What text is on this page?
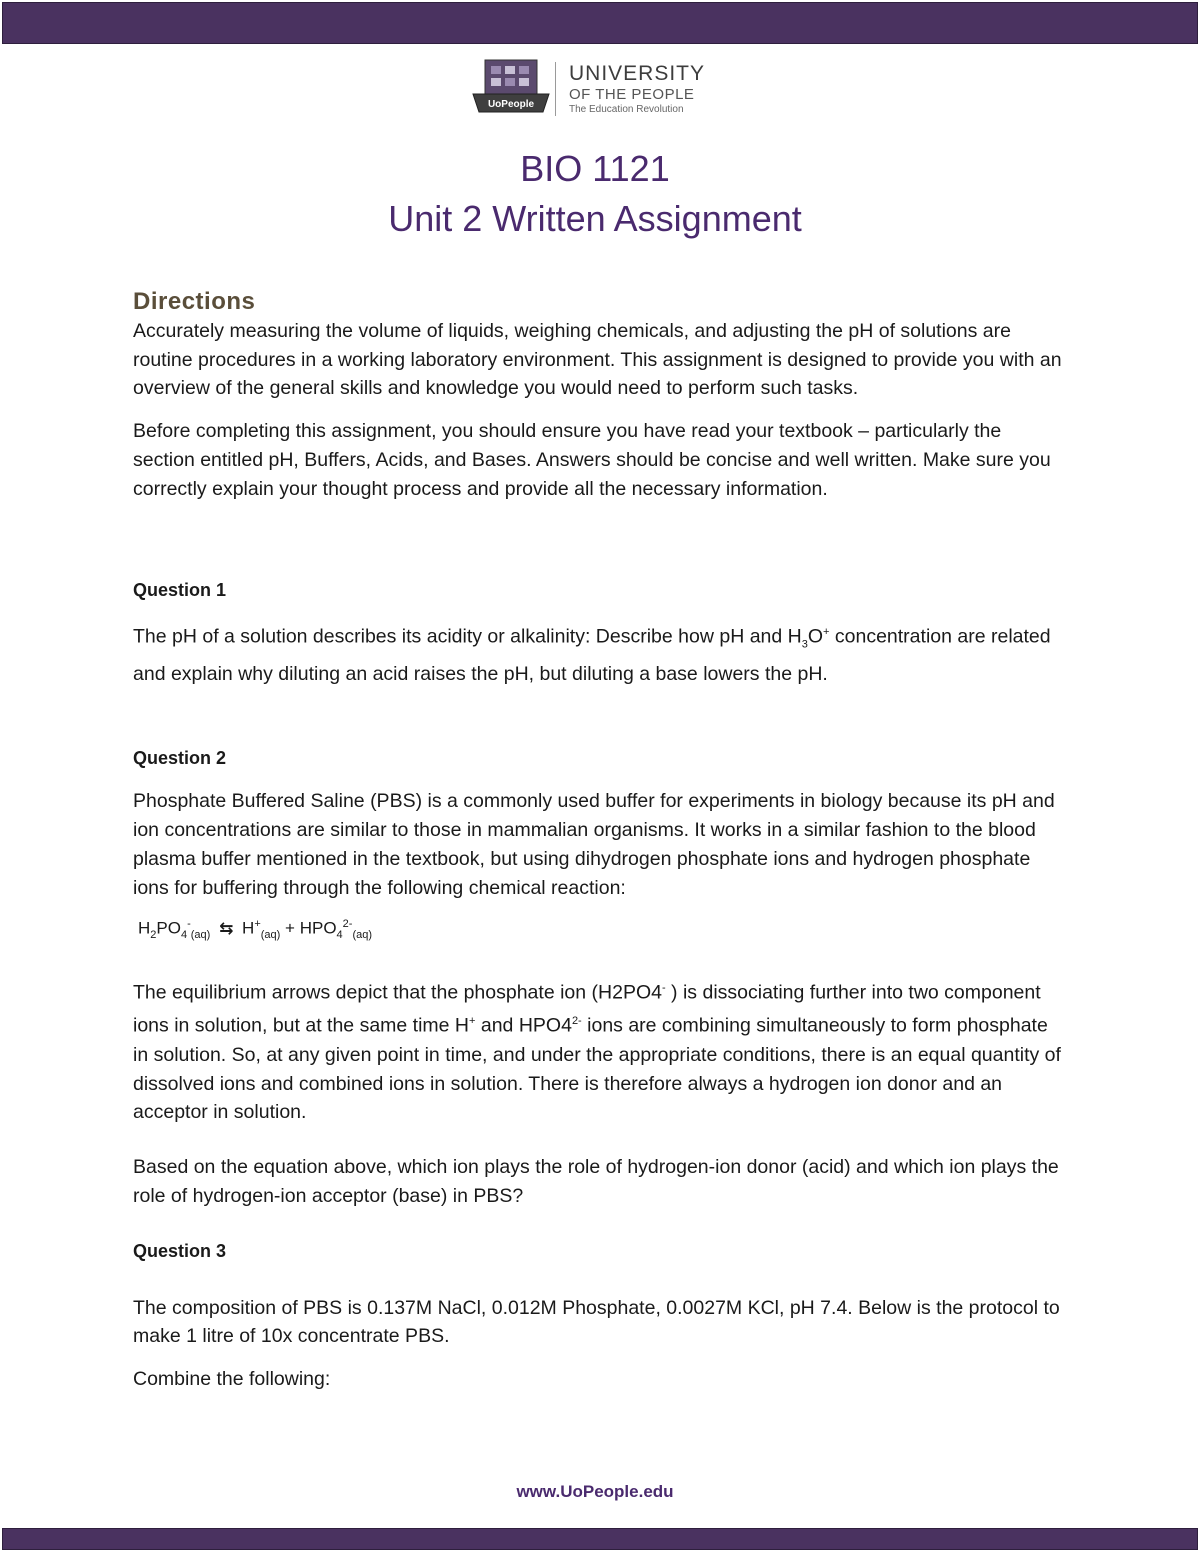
UoPeople
UNIVERSITY
OF THE PEOPLE
The Education Revolution
BIO 1121
Unit 2 Written Assignment

Directions

Accurately measuring the volume of liquids, weighing chemicals, and adjusting the pH of solutions are routine procedures in a working laboratory environment. This assignment is designed to provide you with an overview of the general skills and knowledge you would need to perform such tasks.

Before completing this assignment, you should ensure you have read your textbook – particularly the section entitled pH, Buffers, Acids, and Bases. Answers should be concise and well written. Make sure you correctly explain your thought process and provide all the necessary information.

Question 1

The pH of a solution describes its acidity or alkalinity: Describe how pH and $H_3O^+$ concentration are related and explain why diluting an acid raises the pH, but diluting a base lowers the pH.

Question 2

Phosphate Buffered Saline (PBS) is a commonly used buffer for experiments in biology because its pH and ion concentrations are similar to those in mammalian organisms. It works in a similar fashion to the blood plasma buffer mentioned in the textbook, but using dihydrogen phosphate ions and hydrogen phosphate ions for buffering through the following chemical reaction:

$H_2PO_4^-_{(aq)}$ ⇆ $H^+_{(aq)} + HPO_4^{2-}_{(aq)}$

The equilibrium arrows depict that the phosphate ion (H2PO4- ) is dissociating further into two component ions in solution, but at the same time H+ and $HPO4^{2-}$ ions are combining simultaneously to form phosphate in solution. So, at any given point in time, and under the appropriate conditions, there is an equal quantity of dissolved ions and combined ions in solution. There is therefore always a hydrogen ion donor and an acceptor in solution.

Based on the equation above, which ion plays the role of hydrogen-ion donor (acid) and which ion plays the role of hydrogen-ion acceptor (base) in PBS?

Question 3

The composition of PBS is 0.137M NaCl, 0.012M Phosphate, 0.0027M KCl, pH 7.4. Below is the protocol to make 1 litre of 10x concentrate PBS.

Combine the following:

www.UoPeople.edu
